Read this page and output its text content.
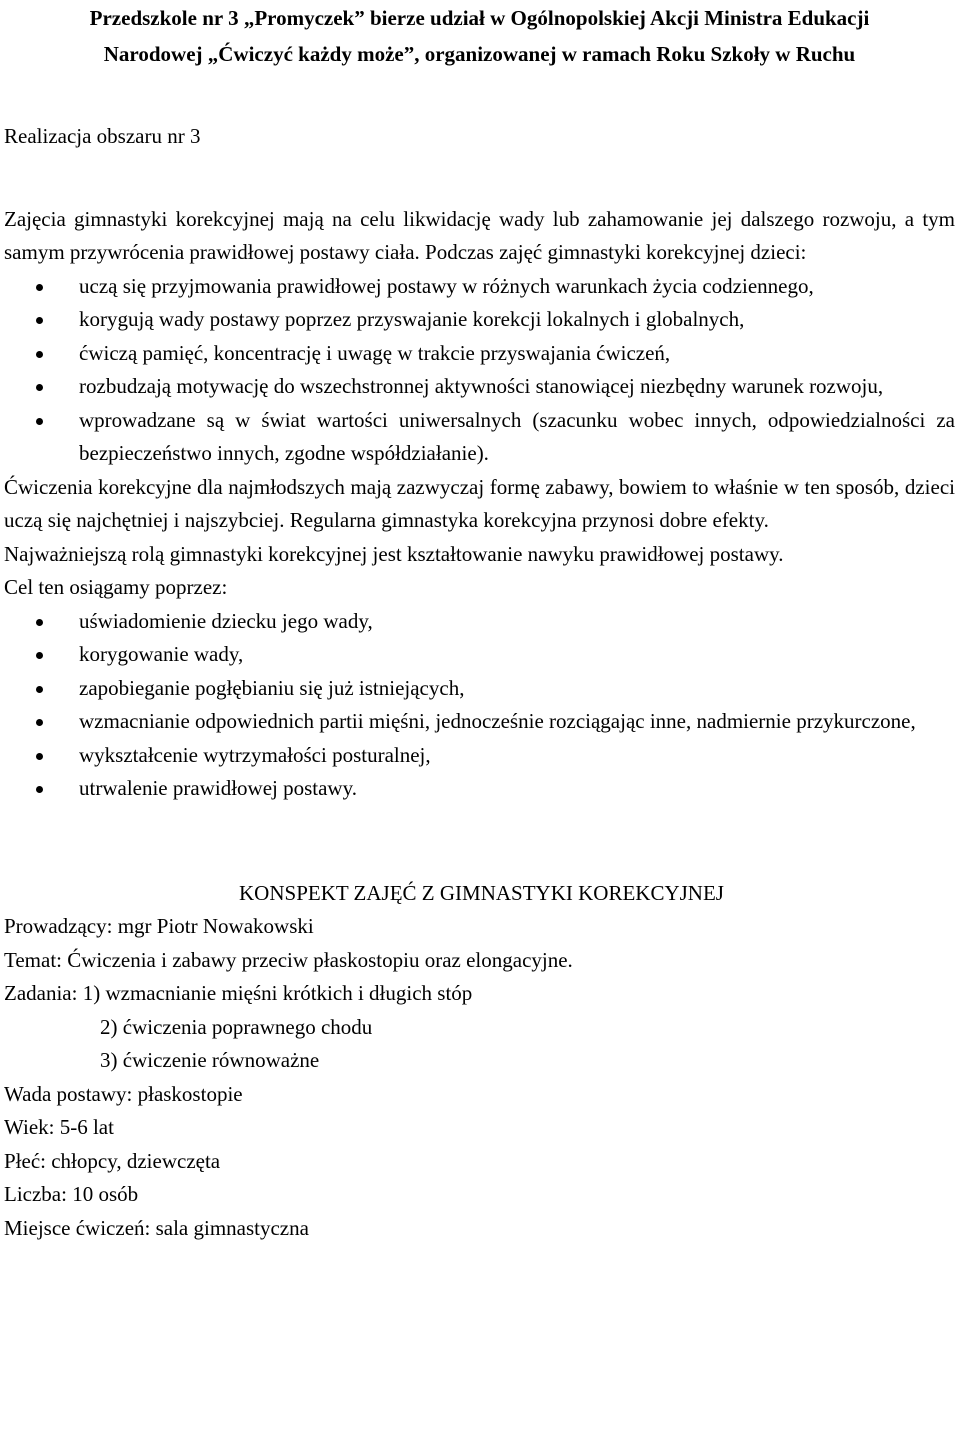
Przedszkole nr 3 „Promyczek” bierze udział w Ogólnopolskiej Akcji Ministra Edukacji
Narodowej „Ćwiczyć każdy może”, organizowanej w ramach Roku Szkoły w Ruchu

Realizacja obszaru nr 3

Zajęcia gimnastyki korekcyjnej mają na celu likwidację wady lub zahamowanie jej dalszego rozwoju, a tym samym przywrócenia prawidłowej postawy ciała. Podczas zajęć gimnastyki korekcyjnej dzieci:

uczą się przyjmowania prawidłowej postawy w różnych warunkach życia codziennego,
korygują wady postawy poprzez przyswajanie korekcji lokalnych i globalnych,
ćwiczą pamięć, koncentrację i uwagę w trakcie przyswajania ćwiczeń,
rozbudzają motywację do wszechstronnej aktywności stanowiącej niezbędny warunek rozwoju,
wprowadzane są w świat wartości uniwersalnych (szacunku wobec innych, odpowiedzialności za bezpieczeństwo innych, zgodne współdziałanie).

Ćwiczenia korekcyjne dla najmłodszych mają zazwyczaj formę zabawy, bowiem to właśnie w ten sposób, dzieci uczą się najchętniej i najszybciej. Regularna gimnastyka korekcyjna przynosi dobre efekty.

Najważniejszą rolą gimnastyki korekcyjnej jest kształtowanie nawyku prawidłowej postawy.

Cel ten osiągamy poprzez:

uświadomienie dziecku jego wady,
korygowanie wady,
zapobieganie pogłębianiu się już istniejących,
wzmacnianie odpowiednich partii mięśni, jednocześnie rozciągając inne, nadmiernie przykurczone,
wykształcenie wytrzymałości posturalnej,
utrwalenie prawidłowej postawy.

KONSPEKT ZAJĘĆ Z GIMNASTYKI KOREKCYJNEJ

Prowadzący: mgr Piotr Nowakowski

Temat: Ćwiczenia i zabawy przeciw płaskostopiu oraz elongacyjne.

Zadania: 1) wzmacnianie mięśni krótkich i długich stóp

2) ćwiczenia poprawnego chodu

3) ćwiczenie równoważne

Wada postawy: płaskostopie

Wiek: 5-6 lat

Płeć: chłopcy, dziewczęta

Liczba: 10 osób

Miejsce ćwiczeń: sala gimnastyczna
